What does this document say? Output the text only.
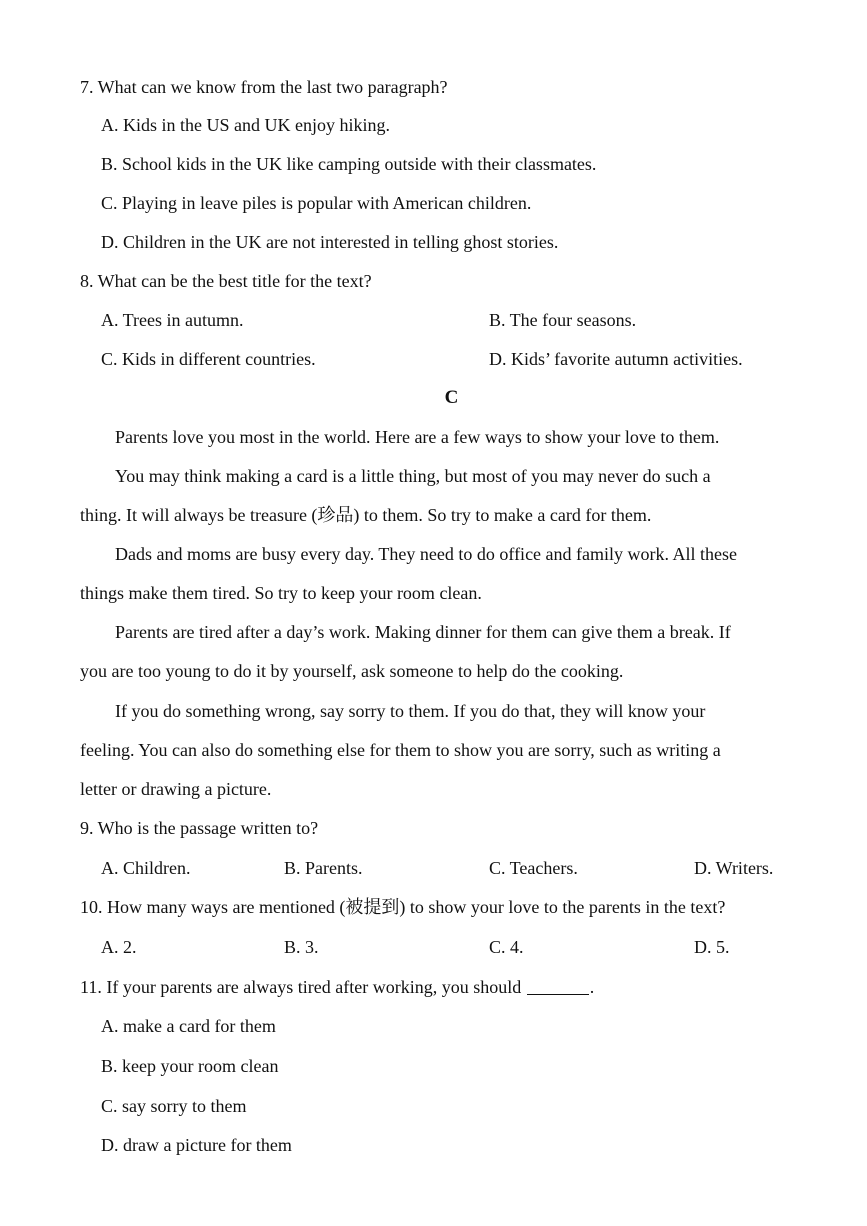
7. What can we know from the last two paragraph?
A. Kids in the US and UK enjoy hiking.
B. School kids in the UK like camping outside with their classmates.
C. Playing in leave piles is popular with American children.
D. Children in the UK are not interested in telling ghost stories.
8. What can be the best title for the text?
A. Trees in autumn.	B. The four seasons.
C. Kids in different countries.	D. Kids’ favorite autumn activities.
C
Parents love you most in the world. Here are a few ways to show your love to them.
You may think making a card is a little thing, but most of you may never do such a
thing. It will always be treasure (珍品) to them. So try to make a card for them.
Dads and moms are busy every day. They need to do office and family work. All these
things make them tired. So try to keep your room clean.
Parents are tired after a day’s work. Making dinner for them can give them a break. If
you are too young to do it by yourself, ask someone to help do the cooking.
If you do something wrong, say sorry to them. If you do that, they will know your
feeling. You can also do something else for them to show you are sorry, such as writing a
letter or drawing a picture.
9. Who is the passage written to?
A. Children.	B. Parents.	C. Teachers.	D. Writers.
10. How many ways are mentioned (被提到) to show your love to the parents in the text?
A. 2.	B. 3.	C. 4.	D. 5.
11. If your parents are always tired after working, you should	.
A. make a card for them
B. keep your room clean
C. say sorry to them
D. draw a picture for them
